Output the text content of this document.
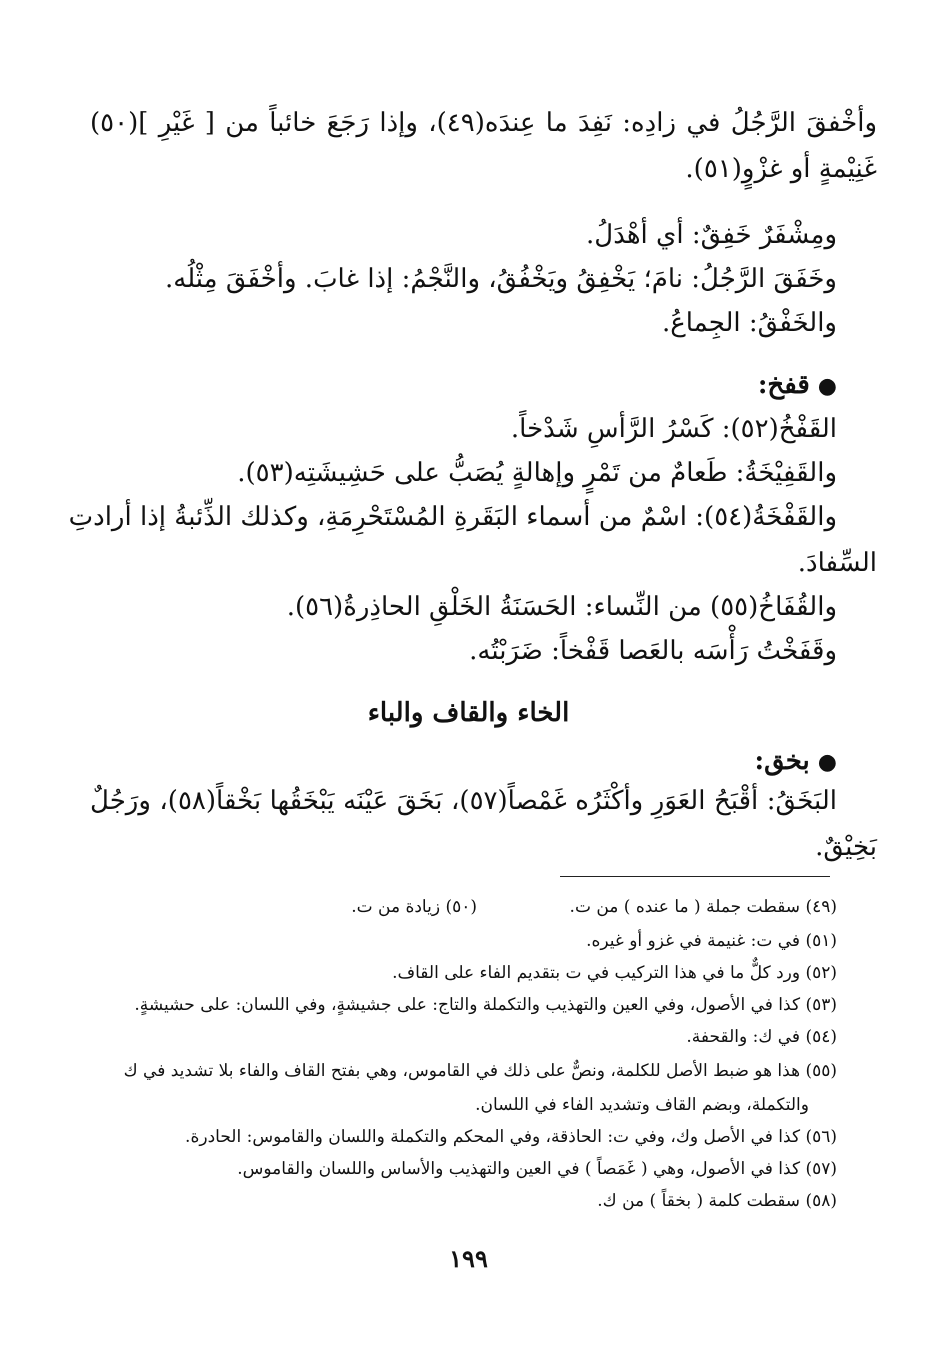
وأخْفقَ الرَّجُلُ في زادِه: نَفِدَ ما عِندَه(٤٩)، وإذا رَجَعَ خائباً من [ غَيْرِ ](٥٠)
غَنِيْمةٍ أو غزْوٍ(٥١).
ومِشْفَرٌ خَفِقٌ: أي أهْدَلُ.
وخَفَقَ الرَّجُلُ: نامَ؛ يَخْفِقُ ويَخْفُقُ، والنَّجْمُ: إذا غابَ. وأخْفَقَ مِثْلُه.
والخَفْقُ: الجِماعُ.
● قفخ:
القَفْخُ(٥٢): كَسْرُ الرَّأسِ شَدْخاً.
والقَفِيْخَةُ: طَعامٌ من تَمْرٍ وإهالةٍ يُصَبُّ على حَشِيشَتِه(٥٣).
والقَفْخَةُ(٥٤): اسْمٌ من أسماء البَقَرةِ المُسْتَحْرِمَةِ، وكذلك الذِّئبةُ إذا أرادتِ
السِّفادَ.
والقُفَاخُ(٥٥) من النِّساء: الحَسَنَةُ الخَلْقِ الحاذِرةُ(٥٦).
وقَفَخْتُ رَأْسَه بالعَصا قَفْخاً: ضَرَبْتُه.
الخاء والقاف والباء
● بخق:
البَخَقُ: أقْبَحُ العَوَرِ وأكْثَرُه غَمْصاً(٥٧)، بَخَقَ عَيْنَه يَبْخَقُها بَخْقاً(٥٨)، ورَجُلٌ
بَخِيْقٌ.
(٤٩) سقطت جملة ( ما عنده ) من ت.
(٥٠) زيادة من ت.
(٥١) في ت: غنيمة في غزو أو غيره.
(٥٢) ورد كلٌّ ما في هذا التركيب في ت بتقديم الفاء على القاف.
(٥٣) كذا في الأصول، وفي العين والتهذيب والتكملة والتاج: على جشيشةٍ، وفي اللسان: على حشيشةٍ.
(٥٤) في ك: والقحفة.
(٥٥) هذا هو ضبط الأصل للكلمة، ونصٌّ على ذلك في القاموس، وهي بفتح القاف والفاء بلا تشديد في ك
والتكملة، وبضم القاف وتشديد الفاء في اللسان.
(٥٦) كذا في الأصل وك، وفي ت: الحاذقة، وفي المحكم والتكملة واللسان والقاموس: الحادرة.
(٥٧) كذا في الأصول، وهي ( غَمَصاً ) في العين والتهذيب والأساس واللسان والقاموس.
(٥٨) سقطت كلمة ( بخقاً ) من ك.
١٩٩
